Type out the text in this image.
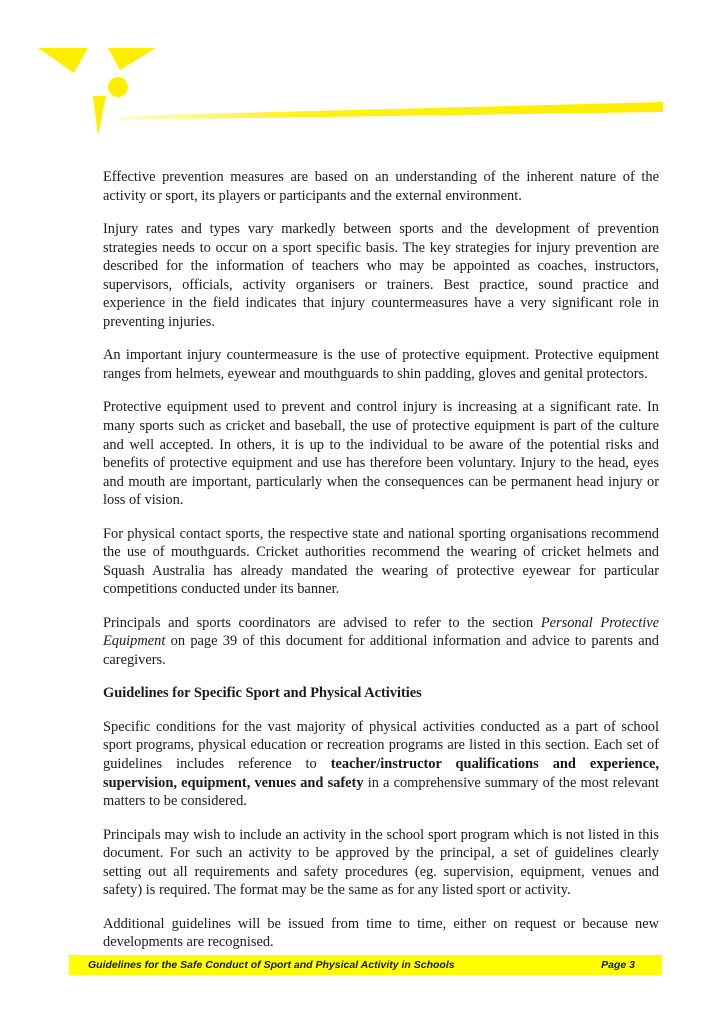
Effective prevention measures are based on an understanding of the inherent nature of the activity or sport, its players or participants and the external environment.

Injury rates and types vary markedly between sports and the development of prevention strategies needs to occur on a sport specific basis. The key strategies for injury prevention are described for the information of teachers who may be appointed as coaches, instructors, supervisors, officials, activity organisers or trainers. Best practice, sound practice and experience in the field indicates that injury countermeasures have a very significant role in preventing injuries.

An important injury countermeasure is the use of protective equipment. Protective equipment ranges from helmets, eyewear and mouthguards to shin padding, gloves and genital protectors.

Protective equipment used to prevent and control injury is increasing at a significant rate. In many sports such as cricket and baseball, the use of protective equipment is part of the culture and well accepted. In others, it is up to the individual to be aware of the potential risks and benefits of protective equipment and use has therefore been voluntary. Injury to the head, eyes and mouth are important, particularly when the consequences can be permanent head injury or loss of vision.

For physical contact sports, the respective state and national sporting organisations recommend the use of mouthguards. Cricket authorities recommend the wearing of cricket helmets and Squash Australia has already mandated the wearing of protective eyewear for particular competitions conducted under its banner.

Principals and sports coordinators are advised to refer to the section Personal Protective Equipment on page 39 of this document for additional information and advice to parents and caregivers.

Guidelines for Specific Sport and Physical Activities

Specific conditions for the vast majority of physical activities conducted as a part of school sport programs, physical education or recreation programs are listed in this section. Each set of guidelines includes reference to teacher/instructor qualifications and experience, supervision, equipment, venues and safety in a comprehensive summary of the most relevant matters to be considered.

Principals may wish to include an activity in the school sport program which is not listed in this document. For such an activity to be approved by the principal, a set of guidelines clearly setting out all requirements and safety procedures (eg. supervision, equipment, venues and safety) is required. The format may be the same as for any listed sport or activity.

Additional guidelines will be issued from time to time, either on request or because new developments are recognised.

Guidelines for the Safe Conduct of Sport and Physical Activity in Schools	Page 3
